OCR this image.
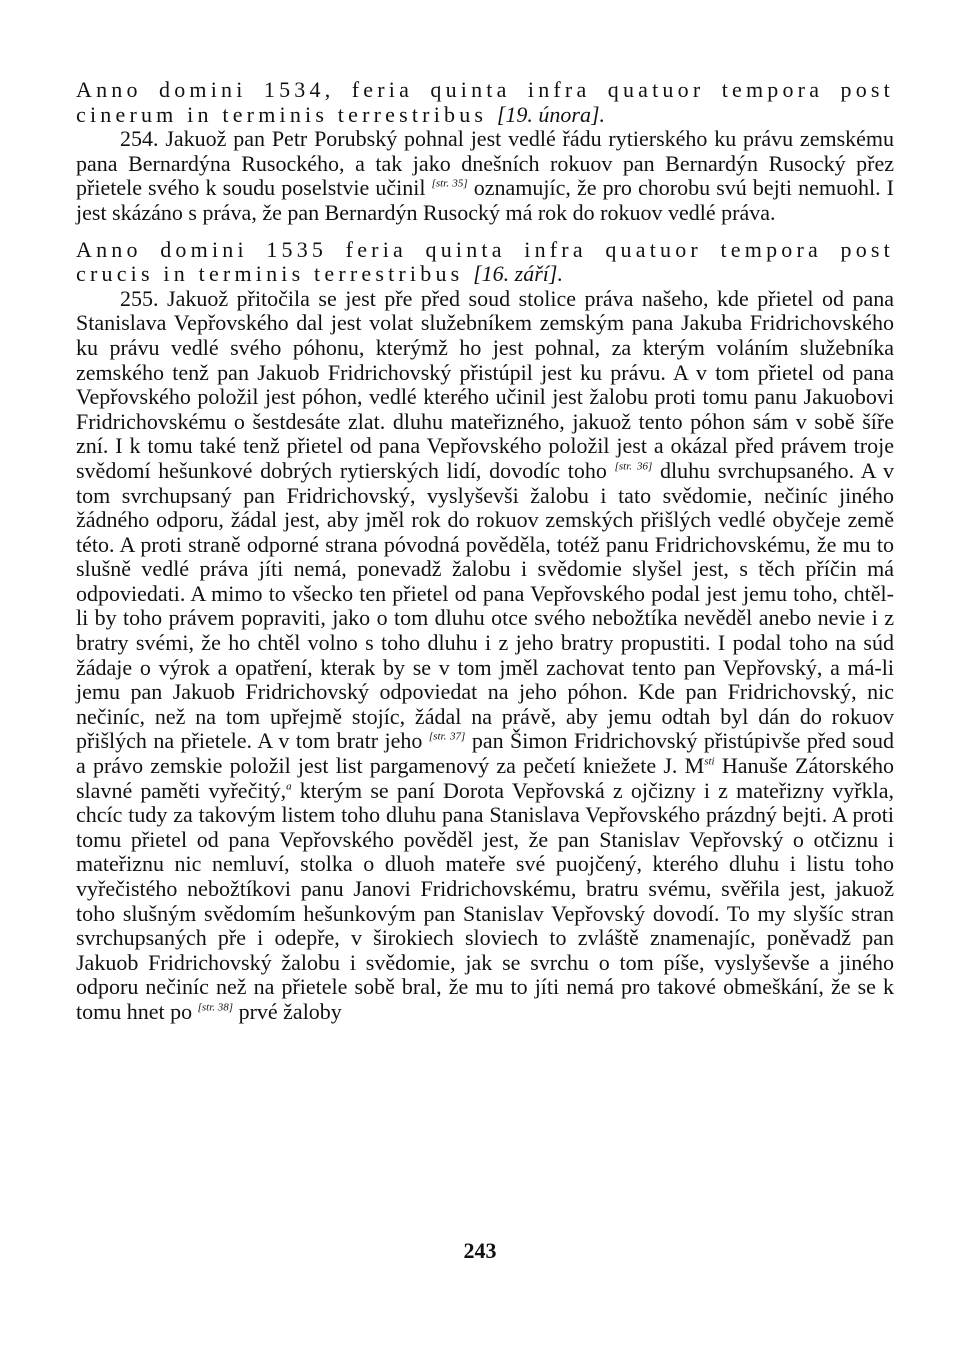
Anno domini 1534, feria quinta infra quatuor tempora post cinerum in terminis terrestribus [19. února].

254. Jakuož pan Petr Porubský pohnal jest vedlé řádu rytierského ku právu zemskému pana Bernardýna Rusockého, a tak jako dnešních rokuov pan Bernardýn Rusocký přez přietele svého k soudu poselstvie učinil [str. 35] oznamujíc, že pro chorobu svú bejti nemuohl. I jest skázáno s práva, že pan Bernardýn Rusocký má rok do rokuov vedlé práva.

Anno domini 1535 feria quinta infra quatuor tempora post crucis in terminis terrestribus [16. září].

255. Jakuož přitočila se jest pře před soud stolice práva našeho, kde přietel od pana Stanislava Vepřovského dal jest volat služebníkem zemským pana Jakuba Fridrichovského ku právu vedlé svého póhonu, kterýmž ho jest pohnal, za kterým voláním služebníka zemského tenž pan Jakuob Fridrichovský přistúpil jest ku právu. A v tom přietel od pana Vepřovského položil jest póhon, vedlé kterého učinil jest žalobu proti tomu panu Jakuobovi Fridrichovskému o šestdesáte zlat. dluhu mateřizného, jakuož tento póhon sám v sobě šíře zní. I k tomu také tenž přietel od pana Vepřovského položil jest a okázal před právem troje svědomí hešunkové dobrých rytierských lidí, dovodíc toho [str. 36] dluhu svrchupsaného. A v tom svrchupsaný pan Fridrichovský, vyslyševši žalobu i tato svědomie, nečiníc jiného žádného odporu, žádal jest, aby jměl rok do rokuov zemských přišlých vedlé obyčeje země této. A proti straně odporné strana póvodná pověděla, totéž panu Fridrichovskému, že mu to slušně vedlé práva jíti nemá, ponevadž žalobu i svědomie slyšel jest, s těch příčin má odpoviedati. A mimo to všecko ten přietel od pana Vepřovského podal jest jemu toho, chtěl-li by toho právem popraviti, jako o tom dluhu otce svého nebožtíka nevěděl anebo nevie i z bratry svémi, že ho chtěl volno s toho dluhu i z jeho bratry propustiti. I podal toho na súd žádaje o výrok a opatření, kterak by se v tom jměl zachovat tento pan Vepřovský, a má-li jemu pan Jakuob Fridrichovský odpoviedat na jeho póhon. Kde pan Fridrichovský, nic nečiníc, než na tom upřejmě stojíc, žádal na právě, aby jemu odtah byl dán do rokuov přišlých na přietele. A v tom bratr jeho [str. 37] pan Šimon Fridrichovský přistúpivše před soud a právo zemskie položil jest list pargamenový za pečetí kniežete J. $M^{sti}$ Hanuše Zátorského slavné paměti vyřečitý,$^a$ kterým se paní Dorota Vepřovská z ojčizny i z mateřizny vyřkla, chcíc tudy za takovým listem toho dluhu pana Stanislava Vepřovského prázdný bejti. A proti tomu přietel od pana Vepřovského pověděl jest, že pan Stanislav Vepřovský o otčiznu i mateřiznu nic nemluví, stolka o dluoh mateře své puojčený, kterého dluhu i listu toho vyřečistého nebožtíkovi panu Janovi Fridrichovskému, bratru svému, svěřila jest, jakuož toho slušným svědomím hešunkovým pan Stanislav Vepřovský dovodí. To my slyšíc stran svrchupsaných pře i odepře, v širokiech sloviech to zvláště znamenajíc, poněvadž pan Jakuob Fridrichovský žalobu i svědomie, jak se svrchu o tom píše, vyslyševše a jiného odporu nečiníc než na přietele sobě bral, že mu to jíti nemá pro takové obmeškání, že se k tomu hnet po [str. 38] prvé žaloby

243
